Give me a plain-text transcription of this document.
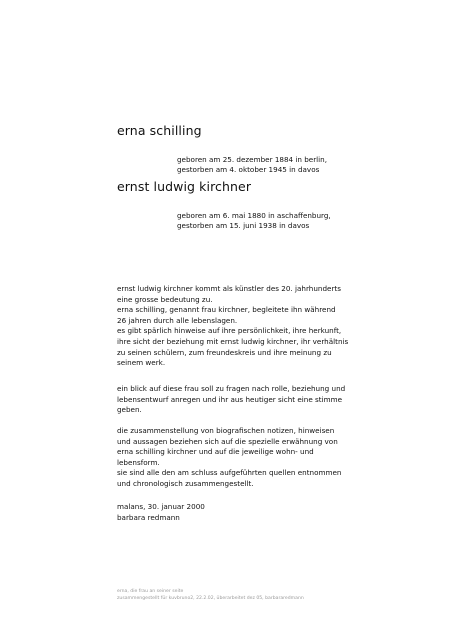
erna schilling
geboren am 25. dezember 1884 in berlin,
gestorben am 4. oktober 1945 in davos
ernst ludwig kirchner
geboren am 6. mai 1880 in aschaffenburg,
gestorben am 15. juni 1938 in davos
ernst ludwig kirchner kommt als künstler des 20. jahrhunderts
eine grosse bedeutung zu.
erna schilling, genannt frau kirchner, begleitete ihn während
26 jahren durch alle lebenslagen.
es gibt spärlich hinweise auf ihre persönlichkeit, ihre herkunft,
ihre sicht der beziehung mit ernst ludwig kirchner, ihr verhältnis
zu seinen schülern, zum freundeskreis und ihre meinung zu
seinem werk.
ein blick auf diese frau soll zu fragen nach rolle, beziehung und
lebensentwurf anregen und ihr aus heutiger sicht eine stimme
geben.
die zusammenstellung von biografischen notizen, hinweisen
und aussagen beziehen sich auf die spezielle erwähnung von
erna schilling kirchner und auf die jeweilige wohn- und
lebensform.
sie sind alle den am schluss aufgeführten quellen entnommen
und chronologisch zusammengestellt.
malans, 30. januar 2000
barbara redmann
erna, die frau an seiner seite
zusammengestellt für kuvbruno2, 22.2.02, überarbeitet dez 05, barbararedmann
